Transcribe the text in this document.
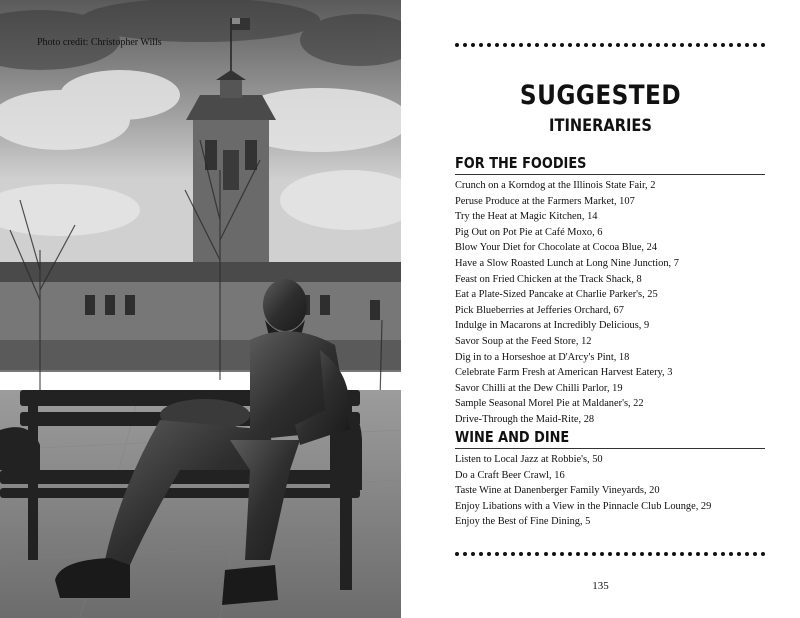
Photo credit: Christopher Wills
SUGGESTED
ITINERARIES
FOR THE FOODIES
Crunch on a Korndog at the Illinois State Fair, 2
Peruse Produce at the Farmers Market, 107
Try the Heat at Magic Kitchen, 14
Pig Out on Pot Pie at Café Moxo, 6
Blow Your Diet for Chocolate at Cocoa Blue, 24
Have a Slow Roasted Lunch at Long Nine Junction, 7
Feast on Fried Chicken at the Track Shack, 8
Eat a Plate-Sized Pancake at Charlie Parker's, 25
Pick Blueberries at Jefferies Orchard, 67
Indulge in Macarons at Incredibly Delicious, 9
Savor Soup at the Feed Store, 12
Dig in to a Horseshoe at D'Arcy's Pint, 18
Celebrate Farm Fresh at American Harvest Eatery, 3
Savor Chilli at the Dew Chilli Parlor, 19
Sample Seasonal Morel Pie at Maldaner's, 22
Drive-Through the Maid-Rite, 28
WINE AND DINE
Listen to Local Jazz at Robbie's, 50
Do a Craft Beer Crawl, 16
Taste Wine at Danenberger Family Vineyards, 20
Enjoy Libations with a View in the Pinnacle Club Lounge, 29
Enjoy the Best of Fine Dining, 5
135
